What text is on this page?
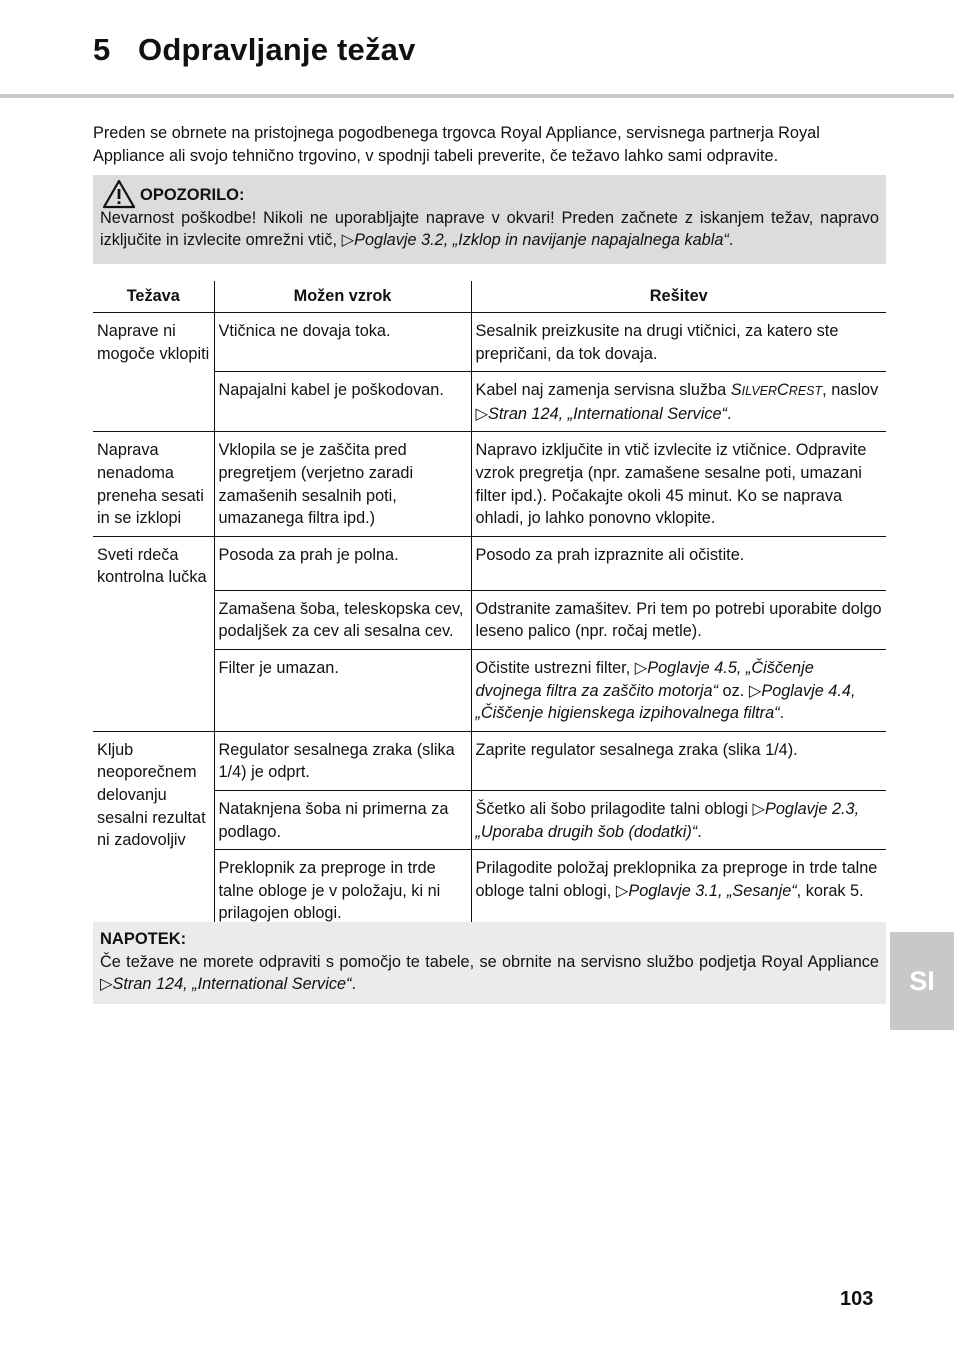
5 Odpravljanje težav

Preden se obrnete na pristojnega pogodbenega trgovca Royal Appliance, servisnega partnerja Royal Appliance ali svojo tehnično trgovino, v spodnji tabeli preverite, če težavo lahko sami odpravite.

OPOZORILO:

Nevarnost poškodbe! Nikoli ne uporabljajte naprave v okvari! Preden začnete z iskanjem težav, napravo izključite in izvlecite omrežni vtič, ▷Poglavje 3.2, „Izklop in navijanje napajalnega kabla“.

Težava	Možen vzrok	Rešitev
Naprave ni mogoče vklopiti	Vtičnica ne dovaja toka.	Sesalnik preizkusite na drugi vtičnici, za katero ste prepričani, da tok dovaja.
	Napajalni kabel je poškodovan.	Kabel naj zamenja servisna služba SILVERCREST, naslov ▷Stran 124, „International Service“.
Naprava nenadoma preneha sesati in se izklopi	Vklopila se je zaščita pred pregretjem (verjetno zaradi zamašenih sesalnih poti, umazanega filtra ipd.)	Napravo izključite in vtič izvlecite iz vtičnice. Odpravite vzrok pregretja (npr. zamašene sesalne poti, umazani filter ipd.). Počakajte okoli 45 minut. Ko se naprava ohladi, jo lahko ponovno vklopite.
Sveti rdeča kontrolna lučka	Posoda za prah je polna.	Posodo za prah izpraznite ali očistite.
	Zamašena šoba, teleskopska cev, podaljšek za cev ali sesalna cev.	Odstranite zamašitev. Pri tem po potrebi uporabite dolgo leseno palico (npr. ročaj metle).
	Filter je umazan.	Očistite ustrezni filter, ▷Poglavje 4.5, „Čiščenje dvojnega filtra za zaščito motorja“ oz. ▷Poglavje 4.4, „Čiščenje higienskega izpihovalnega filtra“.
Kljub neoporečnem delovanju sesalni rezultat ni zadovoljiv	Regulator sesalnega zraka (slika 1/4) je odprt.	Zaprite regulator sesalnega zraka (slika 1/4).
	Nataknjena šoba ni primerna za podlago.	Ščetko ali šobo prilagodite talni oblogi ▷Poglavje 2.3, „Uporaba drugih šob (dodatki)“.
	Preklopnik za preproge in trde talne obloge je v položaju, ki ni prilagojen oblogi.	Prilagodite položaj preklopnika za preproge in trde talne obloge talni oblogi, ▷Poglavje 3.1, „Sesanje“, korak 5.
NAPOTEK:

Če težave ne morete odpraviti s pomočjo te tabele, se obrnite na servisno službo podjetja Royal Appliance ▷Stran 124, „International Service“.	SI
103
